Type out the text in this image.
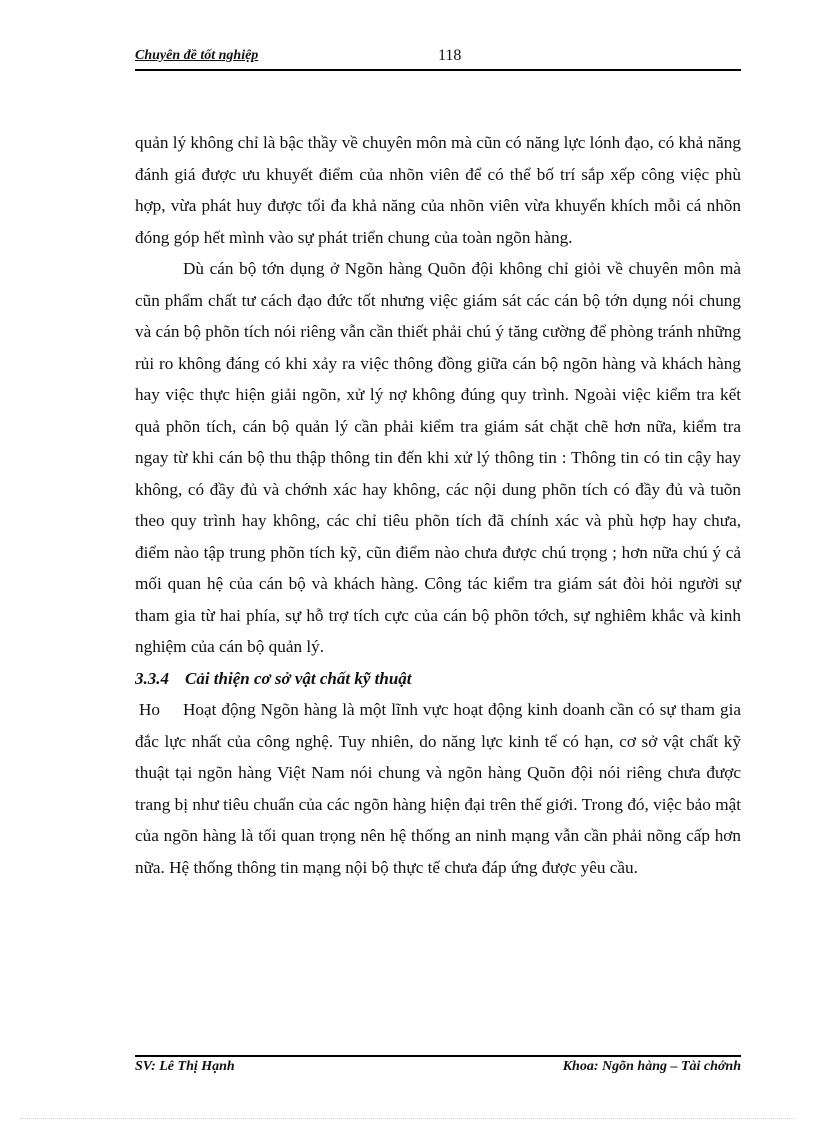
Chuyên đề tốt nghiệp	118

quản lý không chỉ là bậc thầy về chuyên môn mà cũn có năng lực lónh đạo, có khả năng đánh giá được ưu khuyết điểm của nhõn viên để có thể bố trí sắp xếp công việc phù hợp, vừa phát huy được tối đa khả năng của nhõn viên vừa khuyến khích mỗi cá nhõn đóng góp hết mình vào sự phát triển chung của toàn ngõn hàng.

Dù cán bộ tớn dụng ở Ngõn hàng Quõn đội không chỉ giỏi về chuyên môn mà cũn phẩm chất tư cách đạo đức tốt nhưng việc giám sát các cán bộ tớn dụng nói chung và cán bộ phõn tích nói riêng vẫn cần thiết phải chú ý tăng cường để phòng tránh những rủi ro không đáng có khi xảy ra việc thông đồng giữa cán bộ ngõn hàng và khách hàng hay việc thực hiện giải ngõn, xử lý nợ không đúng quy trình. Ngoài việc kiểm tra kết quả phõn tích, cán bộ quản lý cần phải kiểm tra giám sát chặt chẽ hơn nữa, kiểm tra ngay từ khi cán bộ thu thập thông tin đến khi xử lý thông tin : Thông tin có tin cậy hay không, có đầy đủ và chớnh xác hay không, các nội dung phõn tích có đầy đủ và tuõn theo quy trình hay không, các chỉ tiêu phõn tích đã chính xác và phù hợp hay chưa, điểm nào tập trung phõn tích kỹ, cũn điểm nào chưa được chú trọng ; hơn nữa chú ý cả mối quan hệ của cán bộ và khách hàng. Công tác kiểm tra giám sát đòi hỏi người sự tham gia từ hai phía, sự hỗ trợ tích cực của cán bộ phõn tớch, sự nghiêm khắc và kinh nghiệm của cán bộ quản lý.

3.3.4 Cải thiện cơ sở vật chất kỹ thuật

Ho Hoạt động Ngõn hàng là một lĩnh vực hoạt động kinh doanh cần có sự tham gia đắc lực nhất của công nghệ. Tuy nhiên, do năng lực kinh tế có hạn, cơ sở vật chất kỹ thuật tại ngõn hàng Việt Nam nói chung và ngõn hàng Quõn đội nói riêng chưa được trang bị như tiêu chuẩn của các ngõn hàng hiện đại trên thế giới. Trong đó, việc bảo mật của ngõn hàng là tối quan trọng nên hệ thống an ninh mạng vẫn cần phải nõng cấp hơn nữa. Hệ thống thông tin mạng nội bộ thực tế chưa đáp ứng được yêu cầu.

SV: Lê Thị Hạnh	Khoa: Ngõn hàng – Tài chớnh
